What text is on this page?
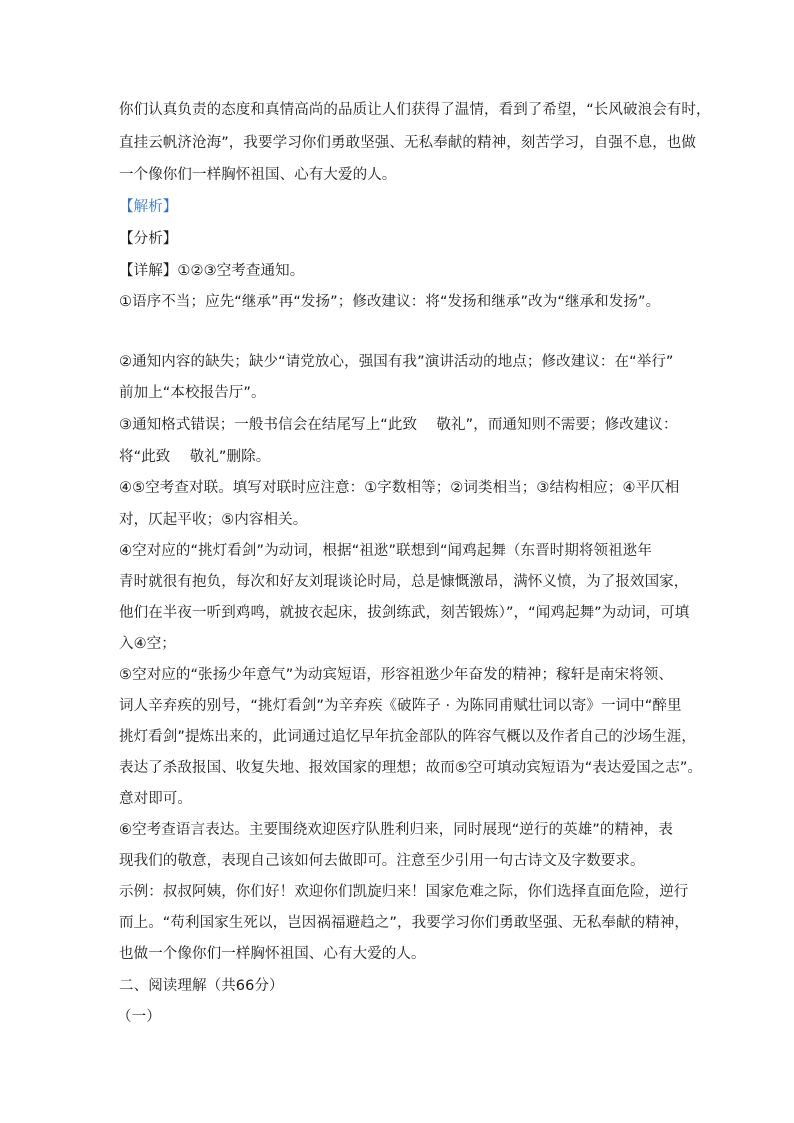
你们认真负责的态度和真情高尚的品质让人们获得了温情，看到了希望，“长风破浪会有时，
直挂云帆济沧海”，我要学习你们勇敢坚强、无私奉献的精神，刻苦学习，自强不息，也做
一个像你们一样胸怀祖国、心有大爱的人。
【解析】
【分析】
【详解】①②③空考查通知。
①语序不当；应先“继承”再“发扬”；修改建议：将“发扬和继承”改为“继承和发扬”。
②通知内容的缺失；缺少“请党放心，强国有我”演讲活动的地点；修改建议：在“举行”
前加上“本校报告厅”。
③通知格式错误；一般书信会在结尾写上“此致　 敬礼”，而通知则不需要；修改建议：
将“此致　 敬礼”删除。
④⑤空考查对联。填写对联时应注意：①字数相等；②词类相当；③结构相应；④平仄相
对，仄起平收；⑤内容相关。
④空对应的“挑灯看剑”为动词，根据“祖逖”联想到“闻鸡起舞（东晋时期将领祖逖年
青时就很有抱负，每次和好友刘琨谈论时局，总是慷慨激昂，满怀义愤，为了报效国家，
他们在半夜一听到鸡鸣，就披衣起床，拔剑练武，刻苦锻炼）”，“闻鸡起舞”为动词，可填
入④空；
⑤空对应的“张扬少年意气”为动宾短语，形容祖逖少年奋发的精神；稼轩是南宋将领、
词人辛弃疾的别号，“挑灯看剑”为辛弃疾《破阵子 · 为陈同甫赋壮词以寄》一词中“醉里
挑灯看剑”提炼出来的，此词通过追忆早年抗金部队的阵容气概以及作者自己的沙场生涯，
表达了杀敌报国、收复失地、报效国家的理想；故而⑤空可填动宾短语为“表达爱国之志”。
意对即可。
⑥空考查语言表达。主要围绕欢迎医疗队胜利归来，同时展现“逆行的英雄”的精神，表
现我们的敬意，表现自己该如何去做即可。注意至少引用一句古诗文及字数要求。
示例：叔叔阿姨，你们好！欢迎你们凯旋归来！国家危难之际，你们选择直面危险，逆行
而上。“苟利国家生死以，岂因祸福避趋之”，我要学习你们勇敢坚强、无私奉献的精神，
也做一个像你们一样胸怀祖国、心有大爱的人。
二、阅读理解（共66分）
（一）
